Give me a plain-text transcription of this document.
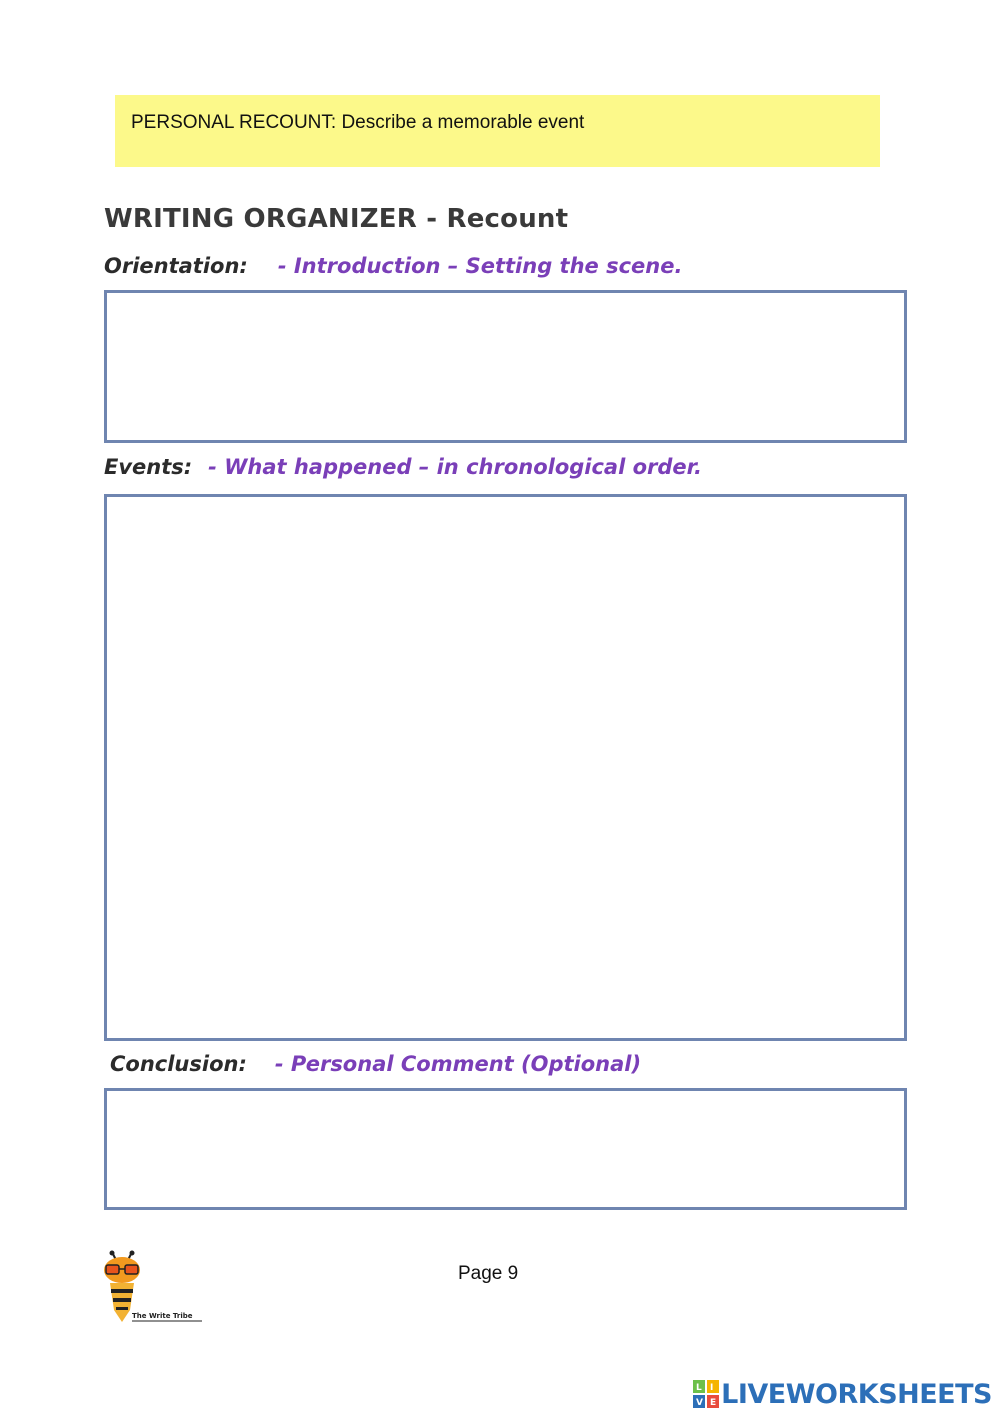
PERSONAL RECOUNT: Describe a memorable event
WRITING ORGANIZER - Recount
Orientation: - Introduction – Setting the scene.
Events: - What happened – in chronological order.
Conclusion: - Personal Comment (Optional)
The Write Tribe
Page 9
L I
V E LIVEWORKSHEETS
